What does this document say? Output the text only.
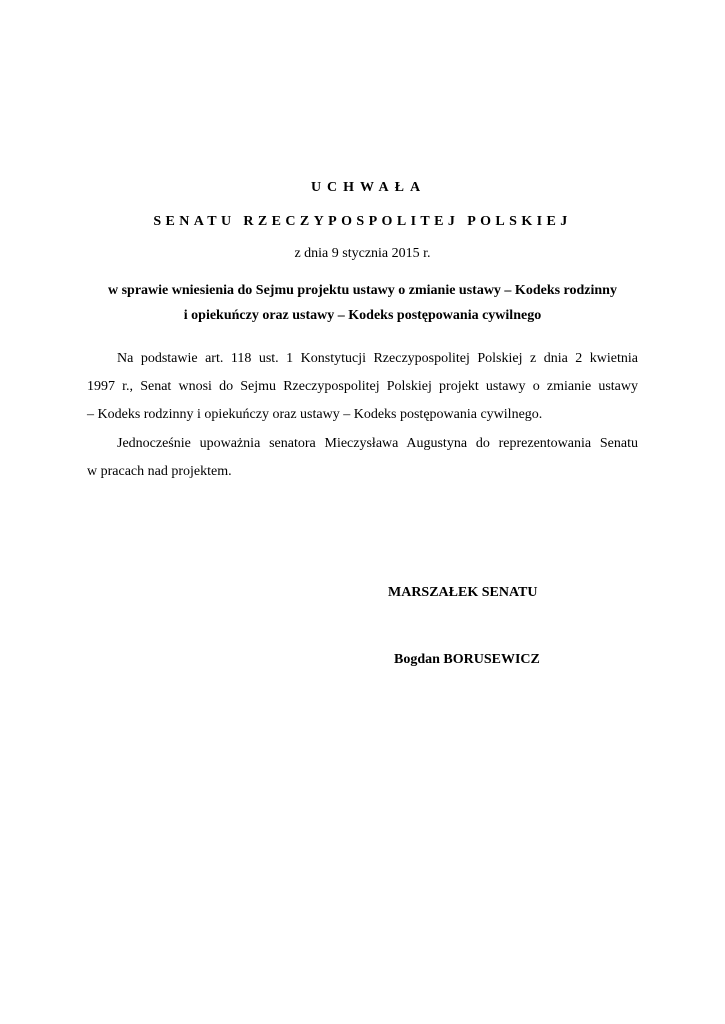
UCHWAŁA
SENATU RZECZYPOSPOLITEJ POLSKIEJ
z dnia 9 stycznia 2015 r.
w sprawie wniesienia do Sejmu projektu ustawy o zmianie ustawy – Kodeks rodzinny
i opiekuńczy oraz ustawy – Kodeks postępowania cywilnego
Na podstawie art. 118 ust. 1 Konstytucji Rzeczypospolitej Polskiej z dnia 2 kwietnia
1997 r., Senat wnosi do Sejmu Rzeczypospolitej Polskiej projekt ustawy o zmianie ustawy
– Kodeks rodzinny i opiekuńczy oraz ustawy – Kodeks postępowania cywilnego.
Jednocześnie upoważnia senatora Mieczysława Augustyna do reprezentowania Senatu
w pracach nad projektem.
MARSZAŁEK SENATU
Bogdan BORUSEWICZ
